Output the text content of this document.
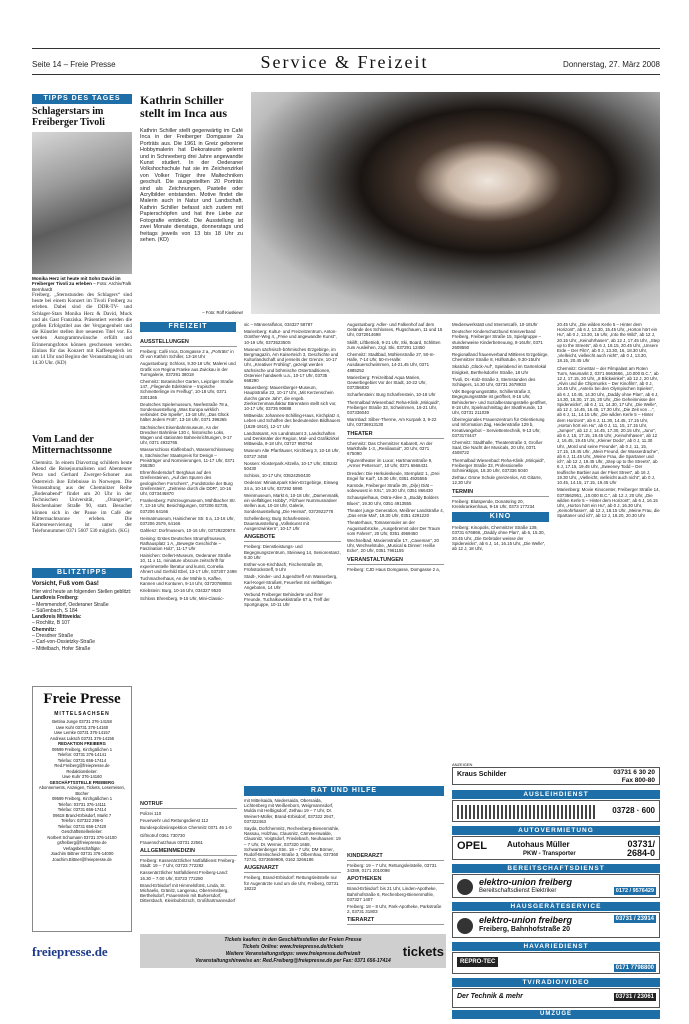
Seite 14 – Freie Presse	Service & Freizeit	Donnerstag, 27. März 2008
TIPPS DES TAGES
Schlagerstars im Freiberger Tivoli
Monika Herz ist heute mit Sohn David im Freiberger Tivoli zu erleben – Foto: Archiv/Falk Bernhardt
Freiberg. „Sternstunden des Schlagers“ sind heute bei einem Konzert im Tivoli Freiberg zu erleben. Dabei sind die DDR-TV- und Schlager-Stars Monika Herz & David, Muck und als Gast Franziska. Präsentiert werden die großen Erfolgstitel aus der Vergangenheit und die Künstler stellen ihre neuesten Titel vor. Es werden Autogrammwünsche erfüllt und Erinnerungsfotos können geschossen werden. Einlass für das Konzert mit Kaffeegedeck ist um 14 Uhr und Beginn der Veranstaltung ist um 14.30 Uhr. (KD)
Vom Land der Mitternachtssonne
Chemnitz. In einem Diavortrag schildern heute Abend die Reisejournalisten und Abenteurer Petra und Gerhard Zwerger-Schoner aus Österreich ihre Erlebnisse in Norwegen. Die Veranstaltung aus der Chemnitzer Reihe „Bodenabend“ findet um 20 Uhr in der Technischen Universität, „Orangerie“, Reichenhainer Straße 90, statt. Besucher können sich in der Pause im Café der Mittermachtsonne erleben. Die Kartenreservierung ist unter der Telefonnummer 0371 5607 530 möglich. (KG)
BLITZTIPPS
Vorsicht, Fuß vom Gas!
Hier wird heute an folgenden Stellen geblitzt:
Landkreis Freiberg:
– Memmendorf, Oederaner Straße
– Süßenbach, S 184
Landkreis Mittweida:
– Rochlitz, B 107
Chemnitz:
– Dresdner Straße
– Carl-von-Ossietzky-Straße
– Mittelbach, Hofer Straße
Freie Presse
MITTELSACHSEN
Bettina Junge 03731 376-14158
Uwe Kuhr 03731 376-14160
Uwe Lemke 03731 376-14157
Andreas Luksch 03731 376-14156
REDAKTION FREIBERG
09599 Freiberg, Kirchgäßchen 1
Telefon: 03731 376-14141
Telefax: 03731 656-17414
Red.Freiberg@freiepresse.de
Redaktionsleiter:
Uwe Kuhr 376-14160
GESCHÄFTSSTELLE FREIBERG
Abonnements, Anzeigen, Tickets, Leserreisen, Bücher
09599 Freiberg, Kirchgäßchen 1
Telefon: 03731 376-14111
Telefax: 03731 656-17414
09618 Brand-Erbisdorf, Markt 7
Telefon: 037322 296-0
Telefax: 03731 656-17420
Geschäftsstellenleiter:
Norbert Schumann 03731 376-14100
gsfreiberg@freiepresse.de
Verlagsbeschäftigte:
Joachim Bittner 03731 376-14000
Joachim.Bittner@freiepresse.de
Kathrin Schiller stellt im Inca aus
Kathrin Schiller stellt gegenwärtig im Café Inca in der Freiberger Domgasse 2a Porträts aus. Die 1961 in Greiz geborene Hobbymalerin hat Dekorateurin gelernt und in Schneeberg drei Jahre angewandte Kunst studiert. In der Oederaner Volkshochschule hat sie im Zeichenzirkel von Volker Träger ihre Maltechniken geschult. Die ausgestellten 20 Porträts sind als Zeichnungen, Pastelle oder Acrylbilder entstanden. Motive findet die Malerin auch in Natur und Landschaft. Kathrin Schiller befasst sich zudem mit Papierschöpfen und hat ihre Liebe zur Fotografie entdeckt. Die Ausstellung ist zwei Monate dienstags, donnerstags und freitags jeweils von 13 bis 18 Uhr zu sehen. (KD)
– Foto: Rolf Kiuskiewr
FREIZEIT
AUSSTELLUNGEN
Freiberg: Café Inca, Domgasse 2 a, „Porträts“ in Öl von Kathrin Schiller, 13-18 Uhr
Augustusburg: Schloss, 9.30-18 Uhr, Malerei und Grafik von Regina Franke aus Zwickau in der Turmgalerie, 037291 38018
Chemnitz: Botanischer Garten, Leipziger Straße 147, „Fliegende Edelsteine – tropische Schmetterlinge im Freiflug“, 10-18 Uhr, 0371 3301365
Deutsches Spielemuseum, Neefestraße 78 a, Sonderausstellung „Was Europa wirklich verbindet: Die Spielle“, 13-18 Uhr, „Das Glück hältet Jedem Früh“, 13-18 Uhr, 0371 396365
Sächsisches Eisenbahnmuseum, An der Dresdner Bahnlinie 130 c, historische Loks, Wagen und stationäre Bahneinrichtungen, 9-17 Uhr, 0371 4932765
Wasserschloss Klaffenbach, Wasserschlossweg 6, Sächsischer Staatspreis für Design – Preisträger und Nominierungen, 11-17 Uhr, 0371 266350
Ehrenfriedersdorf: Berghaus auf den Greifensteinen, „Auf den Spuren des geologischen Forschers“, „Fundstücke der Burg Greifenstein“, „Zeitreise durch die DDR“, 10-16 Uhr, 0373446870
Frankenberg: Fahrzeugmuseum, Mühlbacher Str. 7, 13-16 Uhr, Besichtigungen, 037206 82735, 037206 64166
Heimatmuseum, Hainichener Str. 5 a, 13-16 Uhr, 037206 2579, 64166
Gahlenz: Dorfmuseum, 10-16 Uhr, 0372922097S
Geising: Erstes Deutsches Strumpfmuseum, Rathausplatz 1 A, „Bewegte Geschichte – Faszination Holz“, 11-17 Uhr
Hainichen: Gellert-Museum, Oederaner Straße 10, 11 x 11, miniature obscure.zeitschrift für experimentelle literatur und kunst, Cornelia Ahnert und Gerhild Ebel, 13-17 Uhr, 037207 2498
Tuchmacherhaus, An der Mühle 5, Kaffee, Kannen und Konturen, 9-14 Uhr, 0372078885S
Kriebstein: Burg, 10-16 Uhr, 034327 9520
Schloss Ehrenberg, 9-15 Uhr, Mini-Classic-
sic – Männeralfotos, 034327 58787
Marienberg: Kultur- und Freizeitzentrum, Anton-Günther-Weg 4, „Freie und angewandte Kunst“, 10-19 Uhr, 037352350S
Museum sächsisch-böhmisches Erzgebirge, im Bergmagazin, Am Kaiserteich 3, Geschichte und Kulturlandschaft und jenseits der Grenze, 10-17 Uhr, „Kreativer Frühling“, gezeigt werden sächsische und böhmische Ostertraditionen, Ostereier handwerk u.a., 10-17 Uhr, 03735 668290
Mauersberg: Mauersberger-Museum, Hauptstraße 22, 10-17 Uhr, „Mit Kerzenschein durchs ganze Jahr“, die engeb. Zierkerzenmanufaktur Bärenstein stellt sich vor, 10-17 Uhr, 03735 90888
Mittweida: Johannes-Schilling-Haus, Kirchplatz 4, Leben und Schaffen des bedeutenden Bildhauers (1828-1910), 12-17 Uhr
Landratsamt, Am Landratsamt 3, Landschaften und Denkmäler der Region, Mal- und Grafikzirkel Mittweida, 9-18 Uhr, 03727 950764
Museum Alte Pfarrläuser, Kirchberg 3, 10-18 Uhr, 03727 3450
Nossen: Klosterpark Altzella, 10-17 Uhr, 035242 50430
Schloss, 10-17 Uhr, 03524250430
Oederan: Miniaturpark Klein-Erzgebirge, Einweg 34 a, 10-18 Uhr, 037292 5990
Weinmuseum, Markt 6, 10-18 Uhr, „Damenmatik, ein vielfältiges Hobby“, Filzhuer Nummusnativer stellen aus, 10-18 Uhr, Galerie, Sonderausstellung „Die Heimat“, 0372922778
Schellenberg: Burg Scharfenstein, Dauerausstellung „Volkskunst mit Ausgenzwinkern“, 10-17 Uhr
ANGEBOTE
Freiberg: Dienstleistungs- und Begegnungszentrum, Steinweg 14, Seniorentanz, 9.30 Uhr
Esther-von-Kirchbach, Fischerstraße 28, Frühstückstreff, 9 Uhr
Stadt-, Kinder- und Jugendtreff Am Wasserberg, Karl-Kegel-Straße8, Feuerfest mit vielfältigen Angeboten, 14 Uhr
Verbund Freiberger Behinderte und ihrer Freunde, Tuchalkowskistraße 67 a, Treff der Sportgruppe, 10-11 Uhr
Augustusburg: Adler- und Falkenhof auf dem Gelände des Schlosses, Flugschauen, 11 und 15 Uhr, 0372914698
Skilift, Liftbetrieb, 9-21 Uhr, Ski, Board, Schlitten zum Ausleihen, zzgl. Ski, 037291 12450
Chemnitz: Stadtbad, Mühlenstraße 27, 50-m-Halle, 7-14 Uhr, 50-m-Halle: Ausdauerschwimmen, 14-21.45 Uhr, 0371 4885252
Marienberg: Freizeitbad Aqua Marien, Gewerbegebiet Vor der Stadt, 10-22 Uhr, 037356830
Scharfenstein: Burg Scharfenstein, 10-18 Uhr
Thermalbad Wiesenbad: Reha-Klinik „Miriquidi“, Freiberger Straße 33, Schwimmen, 16-21 Uhr, 037336040
Warmbad: Silber-Therme, Am Kurpark 3, 9-22 Uhr, 03736913130
THEATER
Chemnitz: Das Chemnitzer Kabarett, An der Markthalle 1-3, „Resiliautuit“, 20 Uhr, 0371 675090
Figurentheater im Luxor, Hartmannstraße 9, „Armer Petterson“, 10 Uhr, 0371 6666431
Dresden: Die Herkuleskeule, Sternplatz 1, „Drei Engel für Karl“, 19.30 Uhr, 0351 4925555
Kamöde, Freiberger Straße 39, „Di(e) Diät – sobewusst in XXL“, 19.30 Uhr, 0351 866430
Schauspielhaus, Ostra-Allee 3, „Buddy Bolders Blues“, 19.30 Uhr, 0351 4913555
Theater junge Generation, Meißner Landstraße 4, „Das erste Mal“, 19.30 Uhr, 0351 4291220
Theaterhaus, Tomasensuler an der Augustusbrücke, „Ausgebremst oder Der Traum vom Fahren“, 20 Uhr, 0351 4969450
Wechselbad, Maxiemstraße 17, „Caveman“, 20 Uhr, Wechselstube, „Musical & Dinner: Heiße Ecke“, 20 Uhr, 0351 7961155
VERANSTALTUNGEN
Freiberg: CJD Haus Domgasse, Domgasse 2 a,
Medienwerkstatt und Internetcafé, 10-18Uhr
Deutscher Kinderschutzbund Kreisverband Freiberg, Freiberger Straße 15, Spielgruppe – stundenweise Kinderbetreuung, 8-16Uhr, 0371 2609550
Regionalland frauenverband Mittleres Erzgebirge, Chemnitzer Straße 8, Hülfsstube, 9.30-15Uhr
Skatclub „Glück-Auf“, Spielabend im Gartenlokal Eisigkeit, Berthelsdorfer Straße, 18 Uhr
Tivoli, Dr.-Külz-Straße 3, Sternstunden des Schlagers, 14.30 Uhr, 03731 2678933
VdK Begegnungsstätte, Schillerstraße 3, Begegnungsstätte ist geöffnet, 8-16 Uhr, Behinderten- und Sozialberatungsstelle geöffnet, 8-18 Uhr, Spielnachmittag der Skatfreunde, 13 Uhr, 03731 211039
Überregionales Frauenzentrum für Orientierung und Information Zag, Heidenstraße 129 b, Kreativangebot – Serviettentechnik, 9-13 Uhr, 0373174447
Chemnitz: Stadthalle, Theaterstraße 3, Großer Saal, Die Nacht der Musicals, 20 Uhr, 0371 4508722
Thermalbad Wiesenbad: Reha-Klinik „Miriquidi“, Freiberger Straße 33, Professionelle Schminktipps, 18.30 Uhr, 037336 5040
Zethau: Grüne Schule grenzenlos, AG Gitarre, 12.30 Uhr
TERMIN
Freiberg: Blutspende, Donatsring 20, Kreiskrankenhaus, 9-16 Uhr, 0373 177234
KINO
Freiberg: Kinopolis, Chemnitzer Straße 139, 03731 676869, „Daddy ohne Plan“, ab 6, 15.30, 20.45 Uhr, „Die Gebrüder weisse der Spiderwicks“, ab 6 J, 14, 16.15 Uhr, „Die Welle“, ab 12 J, 18 Uhr,
20.45 Uhr, „Die wilden Kerle 5 – Hinter dem Horizont“, ab 6 J, 13.30, 15.45 Uhr, „Horton hört ein Hu“, ab 0 J, 13.30, 16 Uhr, „Into the Wild“, ab 12 J, 20.15 Uhr, „Keinohrhasen“, ab 12 J, 17.45 Uhr, „Step up to the Streets“, ab 6 J, 18.15, 20.45 Uhr, „Unsere Erde – Der Film“, ab 0 J, 13.30, 16, 18.30 Uhr, „Vielleicht, vielleicht auch nicht“, ab 0 J, 13.30, 18.15, 20.45 Uhr
Chemnitz: CineStar – der Filmpalast am Roten Turm, Neumarkt 2, 0371 6663666, „10.000 B.C.“, ab 12 J, 17.15, 20 Uhr, „8 Blickwinkel“, ab 12 J, 20 Uhr, „Alvin und die Chipmunks – Der Kinofilm“, ab 0 J, 10.45 Uhr, „Asterix bei den Olympischen Spielen“, ab 6 J, 10.45, 14.30 Uhr, „Daddy ohne Plan“, ab 6 J, 14.30, 16.30, 17.15, 20 Uhr, „Die Geheimnisse der Spiderwicks“, ab 6 J, 11, 14.30, 17 Uhr, „Die Welle“, ab 12 J, 14.45, 16.45, 17.30 Uhr, „Die Zeit von ...“, ab 6 J, 11, 14.15 Uhr, „Die wilden Kerle 5 – Hinter dem Horizont“, ab 6 J, 11.30, 14.45, 17.15 Uhr, „Horton hört ein Hu“, ab 0 J, 11, 15, 17.15 Uhr, „Jumper“, ab 12 J, 14.45, 17.30, 20.15 Uhr, „Juno“, ab 6 J, 15, 17.15, 19.45 Uhr, „Keinohrhasen“, ab 12 J, 16.45, 19.45 Uhr, „Kleiner Dodo“, ab 0 J, 11.30 Uhr, „Mord und seine Freunde“, ab 0 J, 11, 15, 17.15, 19.45 Uhr, „Mein Freund, der Wasserdrache“, ab 6 J, 11.45 Uhr, „Meine Frau, die Spartaner und ich“, ab 12 J, 19.45 Uhr, „Step up to the Streets“, ab 6 J, 17.15, 19.45 Uhr, „Sweeney Todd – Der teuflische Barbier aus der Fleet Street“, ab 16 J, 19.30 Uhr, „Vielleicht, vielleicht auch nicht“, ab 0 J, 10.45, 14.15, 17.15, 19.45 Uhr
Marienberg: Movie Kinocenter, Freiberger Straße 14, 0373562951, „10.000 B.C.“, ab 12 J, 20 Uhr, „Die wilden Kerle 5 – Hinter dem Horizont“, ab 6 J, 16.15 Uhr, „Horton hört ein Hu“, ab 0 J, 16.30 Uhr, „Keinohrhasen“, ab 12 J, 18.15 Uhr, „Meine Frau, die Spartaner und ich“, ab 12 J, 18.20, 20.30 Uhr
RAT UND HILFE
NOTRUF
Polizei 110
Feuerwehr und Rettungsdienst 112
Bundespolizeiinspektion Chemnitz 0371 46 1-0
Giftnotruf 0361 730730
Frauenschutzhaus 03731 22561
ALLGEMEINMEDIZIN
Freiberg: Kassenärztlicher Notfalldienst Freiberg-Stadt: 19 – 7 Uhr, 03723 772282
Kassenärztlicher Notfalldienst Freiberg-Land: 16.30 – 7.00 Uhr, 03723 772280
Brand-Erbisdorf mit Himmelsfürst, Linda, St. Michaelis, Gränitz, Langenau, Oberreinsberg, Berthelsdorf, Frauenstein mit Burkersdorf, Dittersbach, Kleinbobritzsch, Großhartmannsdorf
mit Mittelsaida, Niedersaida, Obersaida, Lichtenberg mit Weißenborn, Weigmannsdorf, Mulda mit Helbigsdorf, Zethau 19 – 7 Uhr, Dr. Weinert-Müller, Brand-Erbisdorf, 037322 2947, 037322463
Sayda, Dorfchemnitz, Rechenberg-Bienenmühle, Nassau, Holzhau, Clausnitz, Cämmerswalde, Clausnitz, Voigtsdorf, Friedebach, Neuhausen: 19 – 7 Uhr, Dr. Werner, 037320 1658, Schwartenberger Stm. 18 – 7 Uhr, DM Börner, Rudolf-Breitscheid-Straße 3, Olbernhau, 037360 72741, 0373659908, 0162 3266186
AUGENARZT
Freiberg, Brand-Erbisdorf: Rettungsleitstelle nur für Augenärzte rund um die Uhr, Freiberg, 03731 19222
KINDERARZT
Freiberg: 19 – 7 Uhr, Rettungsleitstelle, 03731 34389, 0171 2010098
APOTHEKEN
Brand-Erbisdorf: bis 21 Uhr, Linden-Apotheke, Bahnhofstraße 6, Rechenberg-Bienenmühle, 037327 1407
Freiberg: 18 – 8 Uhr, Park-Apotheke, Parkstraße 2, 03731 31803
TIERARZT
ANZEIGEN
Kraus Schilder	03731 6 30 20
Fax 800-80
AUSLEIHDIENST
03728 · 600
AUTOVERMIETUNG
OPEL	Autohaus Müller
PKW - Transporter
03731/ 2684-0
BEREITSCHAFTSDIENST
elektro-union freiberg
Bereitschaftsdienst Elektriker	0172 / 9576429
HAUSGERÄTESERVICE
elektro-union freiberg
Freiberg, Bahnhofstraße 20
03731 / 23914
HAVARIEDIENST
REPRO-TEC
0171 7798800
TV/RADIO/VIDEO
Der Technik & mehr	03731 / 23061
UMZÜGE
Tickets kaufen: in den Geschäftsstellen der Freien Presse
Tickets Online: www.freiepresse.de/tickets
Weitere Veranstaltungstipps: www.freiepresse.de/freizeit
Veranstaltungshinweise an: Red.Freiberg@freiepresse.de per Fax: 0371 656-17414
freiepresse.de	tickets
